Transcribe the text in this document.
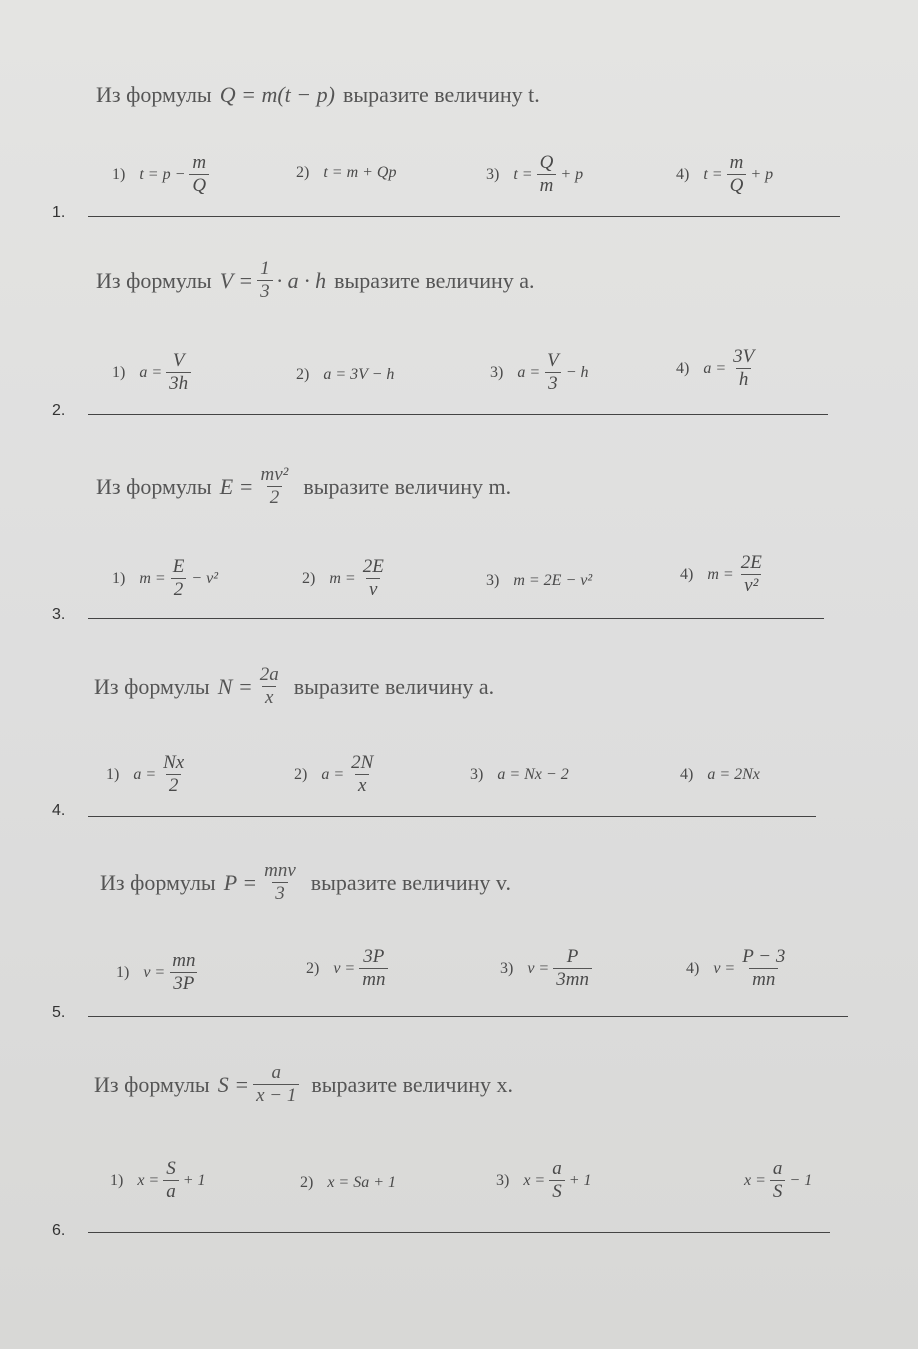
Из формулы Q = m(t − p) выразите величину t.
1) $t = p - \frac{m}{Q}$	2) t = m + Qp	3) $t = \frac{Q}{m} + p$	4) $t = \frac{m}{Q} + p$
1.
Из формулы $V = \frac{1}{3} \cdot a \cdot h$ выразите величину a.
1) $a = \frac{V}{3h}$	2) a = 3V − h	3) $a = \frac{V}{3} - h$	4) $a = \frac{3V}{h}$
2.
Из формулы $E = \frac{\text{mv²}}{2}$ выразите величину m.
1) $m = \frac{E}{2} - v^2$	2) $m = \frac{2E}{v}$	3) m = 2E − v²	4) $m = \frac{2E}{\text{v²}}$
3.
Из формулы $N = \frac{2a}{x}$ выразите величину a.
1) $a = \frac{Nx}{2}$	2) $a = \frac{2N}{x}$	3) a = Nx − 2	4) a = 2Nx
4.
Из формулы $P = \frac{\text{mnv}}{3}$ выразите величину v.
1) $v = \frac{mn}{3P}$	2) $v = \frac{3P}{mn}$	3) $v = \frac{P}{3mn}$	4) $v = \frac{P - 3}{mn}$
5.
Из формулы $S = \frac{a}{x - 1}$ выразите величину x.
1) $x = \frac{S}{a} + 1$	2) x = Sa + 1	3) $x = \frac{a}{S} + 1$	$x = \frac{a}{S} - 1$
6.
